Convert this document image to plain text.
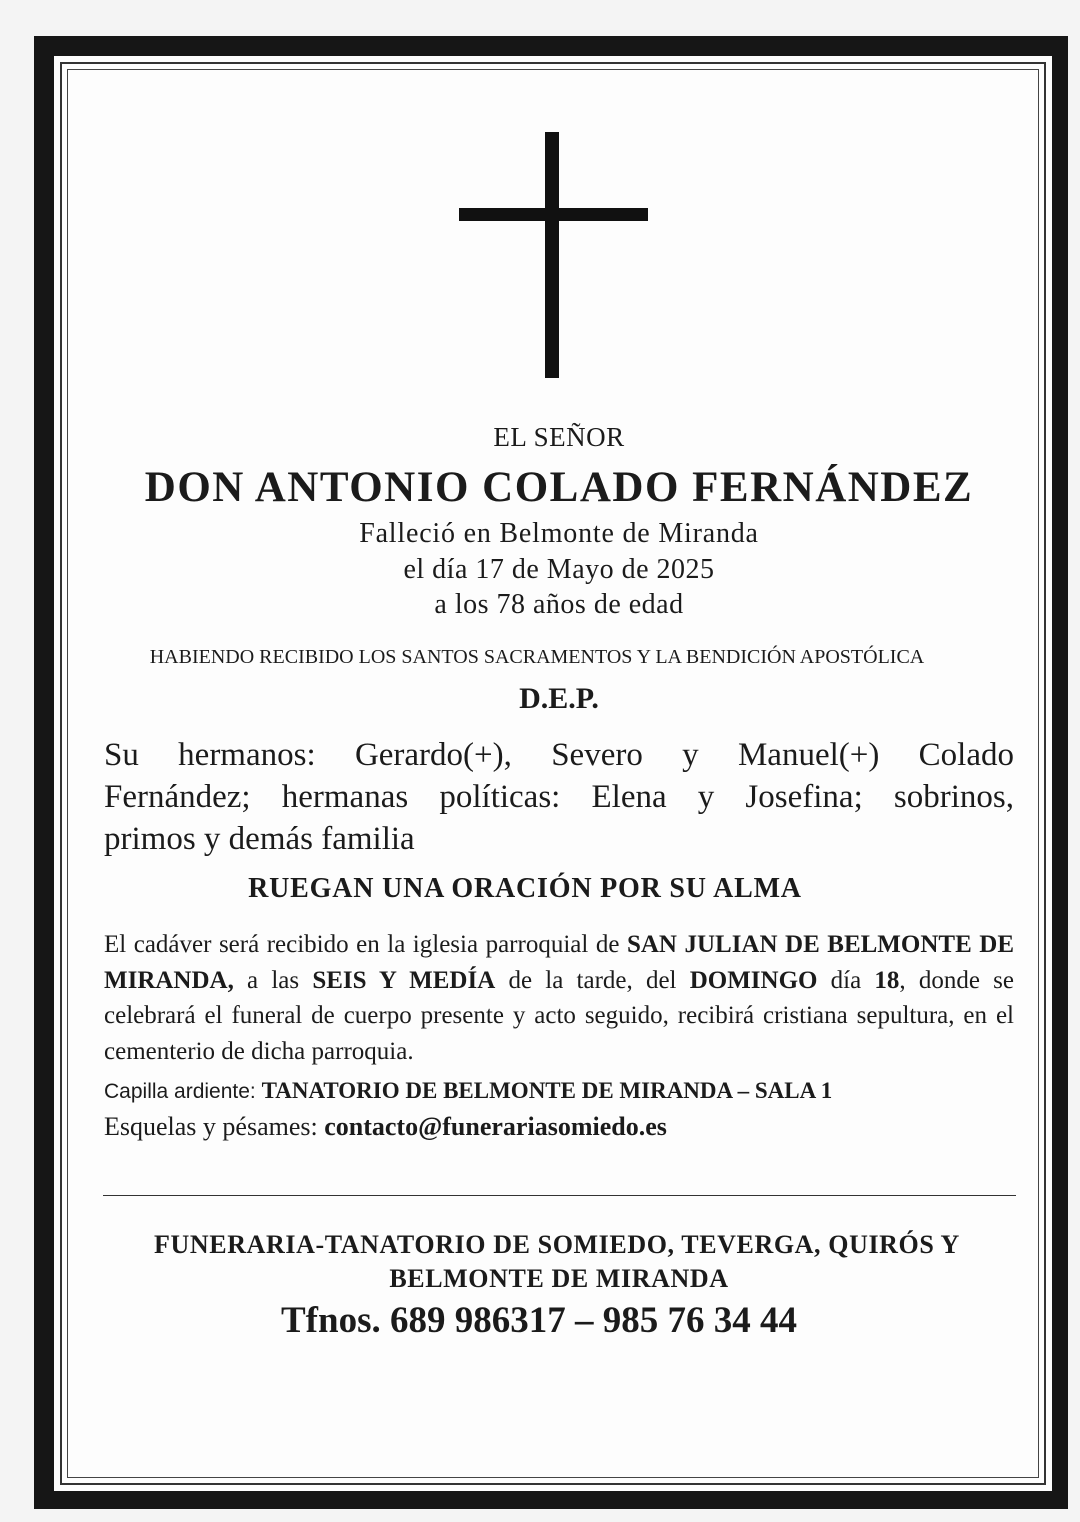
EL SEÑOR
DON ANTONIO COLADO FERNÁNDEZ
Falleció en Belmonte de Miranda
el día 17 de Mayo de 2025
a los 78 años de edad
HABIENDO RECIBIDO LOS SANTOS SACRAMENTOS Y LA BENDICIÓN APOSTÓLICA
D.E.P.
Su hermanos: Gerardo(+), Severo y Manuel(+) Colado
Fernández; hermanas políticas: Elena y Josefina; sobrinos,
primos y demás familia
RUEGAN UNA ORACIÓN POR SU ALMA
El cadáver será recibido en la iglesia parroquial de SAN JULIAN DE BELMONTE DE MIRANDA, a las SEIS Y MEDÍA de la tarde, del DOMINGO día 18, donde se celebrará el funeral de cuerpo presente y acto seguido, recibirá cristiana sepultura, en el cementerio de dicha parroquia.
Capilla ardiente: TANATORIO DE BELMONTE DE MIRANDA – SALA 1
Esquelas y pésames: contacto@funerariasomiedo.es
FUNERARIA-TANATORIO DE SOMIEDO, TEVERGA, QUIRÓS Y
BELMONTE DE MIRANDA
Tfnos. 689 986317 – 985 76 34 44
